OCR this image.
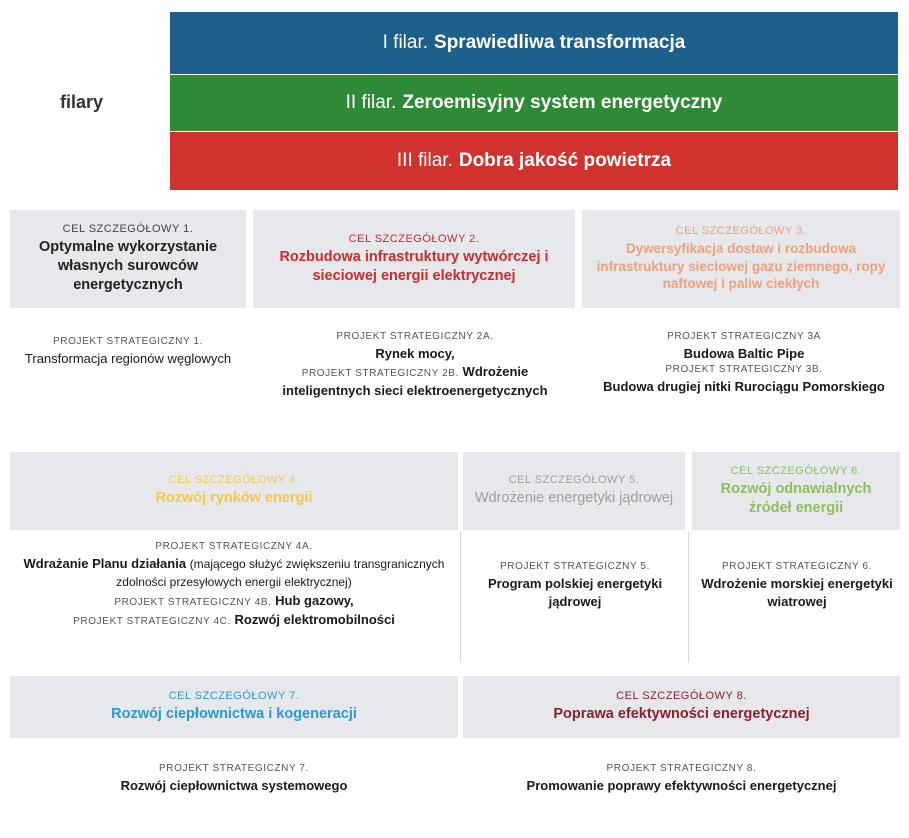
filary
I filar. Sprawiedliwa transformacja
II filar. Zeroemisyjny system energetyczny
III filar. Dobra jakość powietrza
CEL SZCZEGÓŁOWY 1.
Optymalne wykorzystanie własnych surowców energetycznych
CEL SZCZEGÓŁOWY 2.
Rozbudowa infrastruktury wytwórczej i sieciowej energii elektrycznej
CEL SZCZEGÓŁOWY 3.
Dywersyfikacja dostaw i rozbudowa infrastruktury sieciowej gazu ziemnego, ropy naftowej i paliw ciekłych
PROJEKT STRATEGICZNY 1.
Transformacja regionów węglowych
PROJEKT STRATEGICZNY 2A.
Rynek mocy,
PROJEKT STRATEGICZNY 2B. Wdrożenie
inteligentnych sieci elektroenergetycznych
PROJEKT STRATEGICZNY 3A
Budowa Baltic Pipe
PROJEKT STRATEGICZNY 3B.
Budowa drugiej nitki Rurociągu Pomorskiego
CEL SZCZEGÓŁOWY 4.
Rozwój rynków energii
CEL SZCZEGÓŁOWY 5.
Wdrożenie energetyki jądrowej
CEL SZCZEGÓŁOWY 6.
Rozwój odnawialnych źródeł energii
PROJEKT STRATEGICZNY 4A.
Wdrażanie Planu działania (mającego służyć zwiększeniu transgranicznych zdolności przesyłowych energii elektrycznej)
PROJEKT STRATEGICZNY 4B. Hub gazowy,
PROJEKT STRATEGICZNY 4C. Rozwój elektromobilności
PROJEKT STRATEGICZNY 5.
Program polskiej energetyki jądrowej
PROJEKT STRATEGICZNY 6.
Wdrożenie morskiej energetyki wiatrowej
CEL SZCZEGÓŁOWY 7.
Rozwój ciepłownictwa i kogeneracji
CEL SZCZEGÓŁOWY 8.
Poprawa efektywności energetycznej
PROJEKT STRATEGICZNY 7.
Rozwój ciepłownictwa systemowego
PROJEKT STRATEGICZNY 8.
Promowanie poprawy efektywności energetycznej
